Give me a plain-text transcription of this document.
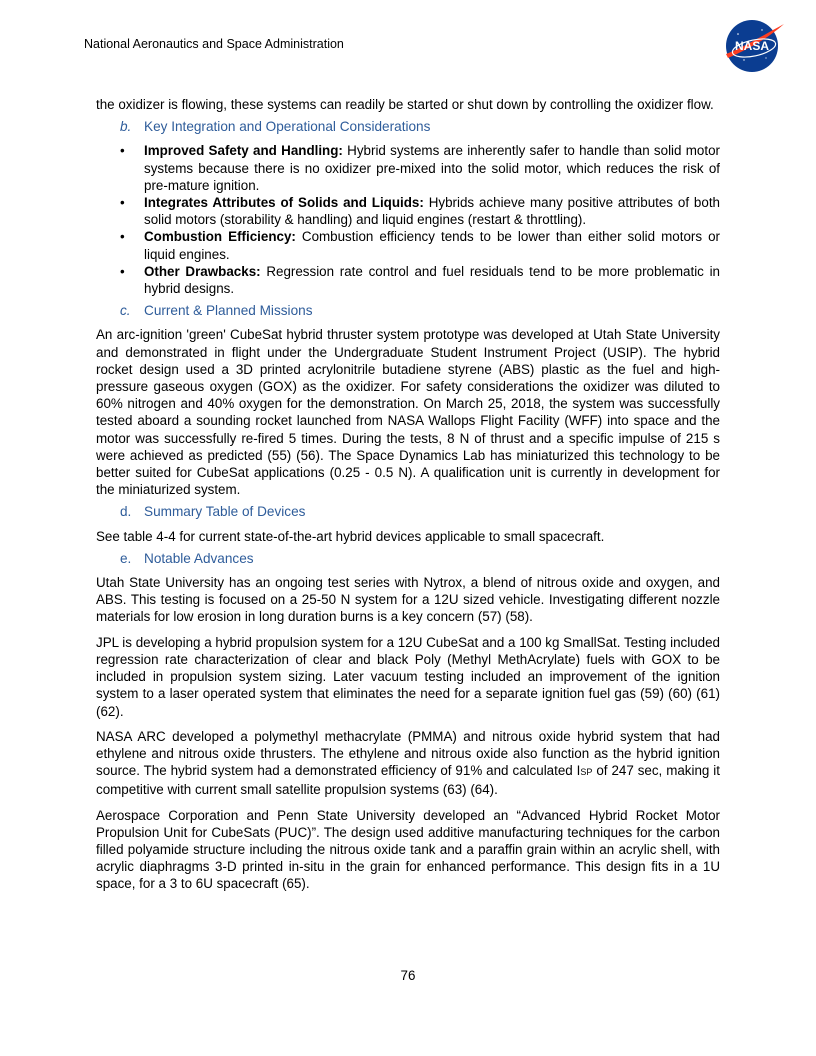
National Aeronautics and Space Administration	NASA

the oxidizer is flowing, these systems can readily be started or shut down by controlling the oxidizer flow.

b. Key Integration and Operational Considerations
• Improved Safety and Handling: Hybrid systems are inherently safer to handle than solid motor systems because there is no oxidizer pre-mixed into the solid motor, which reduces the risk of pre-mature ignition.
• Integrates Attributes of Solids and Liquids: Hybrids achieve many positive attributes of both solid motors (storability & handling) and liquid engines (restart & throttling).
• Combustion Efficiency: Combustion efficiency tends to be lower than either solid motors or liquid engines.
• Other Drawbacks: Regression rate control and fuel residuals tend to be more problematic in hybrid designs.
c. Current & Planned Missions

An arc-ignition 'green' CubeSat hybrid thruster system prototype was developed at Utah State University and demonstrated in flight under the Undergraduate Student Instrument Project (USIP). The hybrid rocket design used a 3D printed acrylonitrile butadiene styrene (ABS) plastic as the fuel and high-pressure gaseous oxygen (GOX) as the oxidizer. For safety considerations the oxidizer was diluted to 60% nitrogen and 40% oxygen for the demonstration. On March 25, 2018, the system was successfully tested aboard a sounding rocket launched from NASA Wallops Flight Facility (WFF) into space and the motor was successfully re-fired 5 times. During the tests, 8 N of thrust and a specific impulse of 215 s were achieved as predicted (55) (56). The Space Dynamics Lab has miniaturized this technology to be better suited for CubeSat applications (0.25 - 0.5 N). A qualification unit is currently in development for the miniaturized system.

d. Summary Table of Devices

See table 4-4 for current state-of-the-art hybrid devices applicable to small spacecraft.

e. Notable Advances

Utah State University has an ongoing test series with Nytrox, a blend of nitrous oxide and oxygen, and ABS. This testing is focused on a 25-50 N system for a 12U sized vehicle. Investigating different nozzle materials for low erosion in long duration burns is a key concern (57) (58).

JPL is developing a hybrid propulsion system for a 12U CubeSat and a 100 kg SmallSat. Testing included regression rate characterization of clear and black Poly (Methyl MethAcrylate) fuels with GOX to be included in propulsion system sizing. Later vacuum testing included an improvement of the ignition system to a laser operated system that eliminates the need for a separate ignition fuel gas (59) (60) (61) (62).

NASA ARC developed a polymethyl methacrylate (PMMA) and nitrous oxide hybrid system that had ethylene and nitrous oxide thrusters. The ethylene and nitrous oxide also function as the hybrid ignition source. The hybrid system had a demonstrated efficiency of 91% and calculated ISP of 247 sec, making it competitive with current small satellite propulsion systems (63) (64).

Aerospace Corporation and Penn State University developed an “Advanced Hybrid Rocket Motor Propulsion Unit for CubeSats (PUC)”. The design used additive manufacturing techniques for the carbon filled polyamide structure including the nitrous oxide tank and a paraffin grain within an acrylic shell, with acrylic diaphragms 3-D printed in-situ in the grain for enhanced performance. This design fits in a 1U space, for a 3 to 6U spacecraft (65).

76
